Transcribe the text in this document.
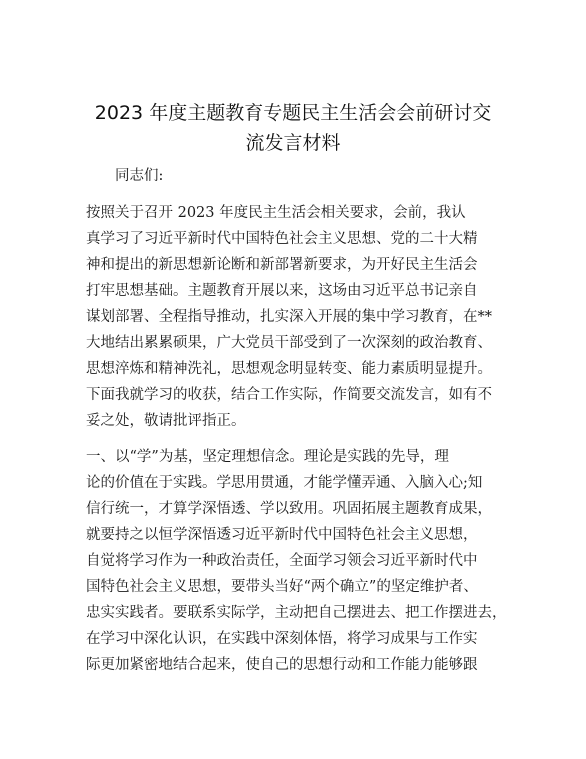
2023 年度主题教育专题民主生活会会前研讨交
流发言材料
同志们:
按照关于召开 2023 年度民主生活会相关要求，会前，我认
真学习了习近平新时代中国特色社会主义思想、党的二十大精
神和提出的新思想新论断和新部署新要求，为开好民主生活会
打牢思想基础。主题教育开展以来，这场由习近平总书记亲自
谋划部署、全程指导推动，扎实深入开展的集中学习教育，在**
大地结出累累硕果，广大党员干部受到了一次深刻的政治教育、
思想淬炼和精神洗礼，思想观念明显转变、能力素质明显提升。
下面我就学习的收获，结合工作实际，作简要交流发言，如有不
妥之处，敬请批评指正。
一、以“学”为基，坚定理想信念。理论是实践的先导，理
论的价值在于实践。学思用贯通，才能学懂弄通、入脑入心;知
信行统一，才算学深悟透、学以致用。巩固拓展主题教育成果，
就要持之以恒学深悟透习近平新时代中国特色社会主义思想，
自觉将学习作为一种政治责任，全面学习领会习近平新时代中
国特色社会主义思想，要带头当好“两个确立”的坚定维护者、
忠实实践者。要联系实际学，主动把自己摆进去、把工作摆进去，
在学习中深化认识，在实践中深刻体悟，将学习成果与工作实
际更加紧密地结合起来，使自己的思想行动和工作能力能够跟
